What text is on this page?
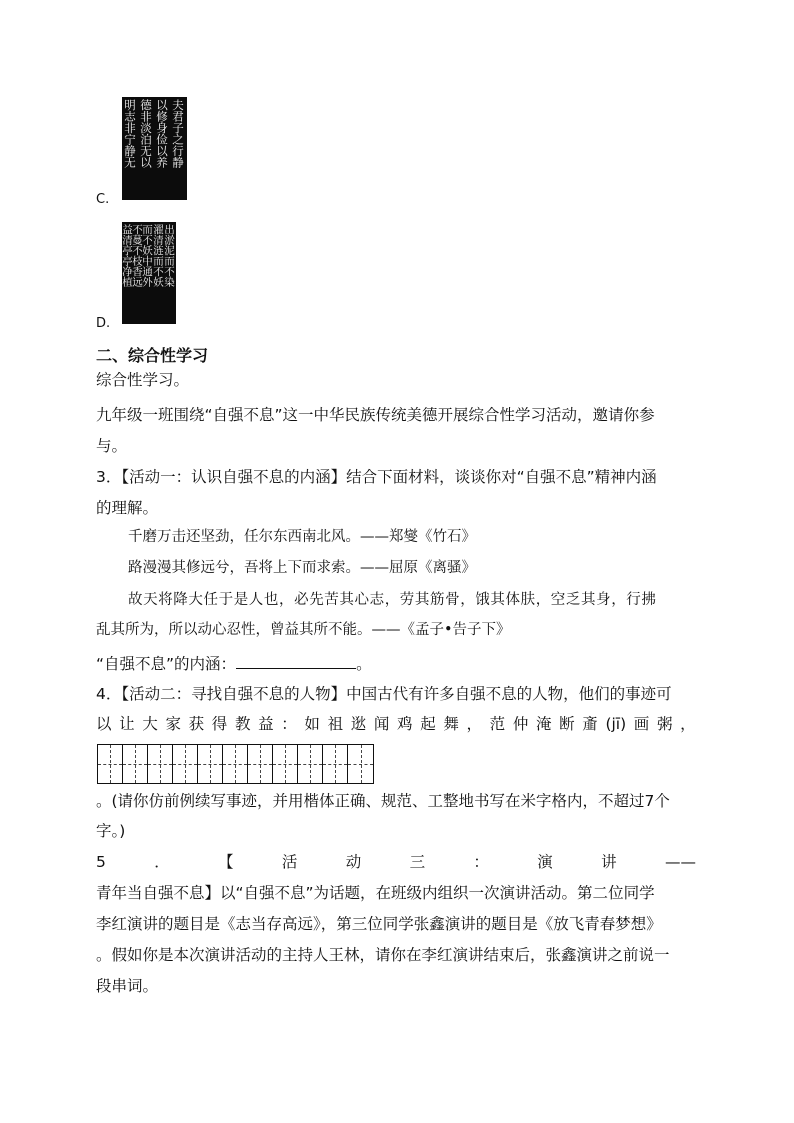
夫君子之行静
以修身俭以养
德非淡泊无以
明志非宁静无
C.
出淤泥而不染
濯清涟而不妖
而不妖中通外
不蔓不枝香远
益清亭亭净植
D.
二、综合性学习
综合性学习。
九年级一班围绕“自强不息”这一中华民族传统美德开展综合性学习活动，邀请你参
与。
3．【活动一：认识自强不息的内涵】结合下面材料，谈谈你对“自强不息”精神内涵
的理解。
千磨万击还坚劲，任尔东西南北风。——郑燮《竹石》
路漫漫其修远兮，吾将上下而求索。——屈原《离骚》
故天将降大任于是人也，必先苦其心志，劳其筋骨，饿其体肤，空乏其身，行拂
乱其所为，所以动心忍性，曾益其所不能。——《孟子•告子下》
“自强不息”的内涵：	。
4．【活动二：寻找自强不息的人物】中国古代有许多自强不息的人物，他们的事迹可
以 让 大 家 获 得 教 益 ： 如 祖 逖 闻 鸡 起 舞 ， 范 仲 淹 断 齑 (jī) 画 粥 ，
。(请你仿前例续写事迹，并用楷体正确、规范、工整地书写在米字格内，不超过7个
字。)
5	．	【	活	动	三	：	演	讲	——
青年当自强不息】以“自强不息”为话题，在班级内组织一次演讲活动。第二位同学
李红演讲的题目是《志当存高远》，第三位同学张鑫演讲的题目是《放飞青春梦想》
。假如你是本次演讲活动的主持人王林，请你在李红演讲结束后，张鑫演讲之前说一
段串词。
